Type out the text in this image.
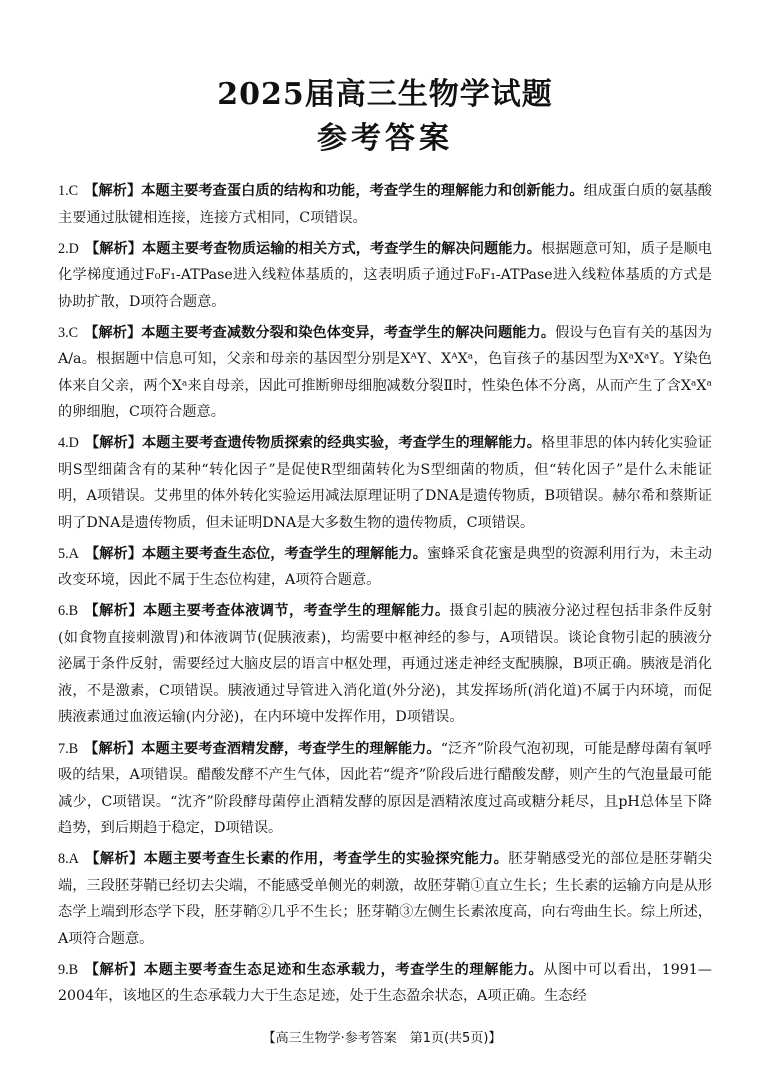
2025届高三生物学试题
参考答案

1.C 【解析】本题主要考查蛋白质的结构和功能，考查学生的理解能力和创新能力。组成蛋白质的氨基酸主要通过肽键相连接，连接方式相同，C项错误。

2.D 【解析】本题主要考查物质运输的相关方式，考查学生的解决问题能力。根据题意可知，质子是顺电化学梯度通过F₀F₁-ATPase进入线粒体基质的，这表明质子通过F₀F₁-ATPase进入线粒体基质的方式是协助扩散，D项符合题意。

3.C 【解析】本题主要考查减数分裂和染色体变异，考查学生的解决问题能力。假设与色盲有关的基因为A/a。根据题中信息可知，父亲和母亲的基因型分别是XᴬY、XᴬXᵃ，色盲孩子的基因型为XᵃXᵃY。Y染色体来自父亲，两个Xᵃ来自母亲，因此可推断卵母细胞减数分裂Ⅱ时，性染色体不分离，从而产生了含XᵃXᵃ的卵细胞，C项符合题意。

4.D 【解析】本题主要考查遗传物质探索的经典实验，考查学生的理解能力。格里菲思的体内转化实验证明S型细菌含有的某种“转化因子”是促使R型细菌转化为S型细菌的物质，但“转化因子”是什么未能证明，A项错误。艾弗里的体外转化实验运用减法原理证明了DNA是遗传物质，B项错误。赫尔希和蔡斯证明了DNA是遗传物质，但未证明DNA是大多数生物的遗传物质，C项错误。

5.A 【解析】本题主要考查生态位，考查学生的理解能力。蜜蜂采食花蜜是典型的资源利用行为，未主动改变环境，因此不属于生态位构建，A项符合题意。

6.B 【解析】本题主要考查体液调节，考查学生的理解能力。摄食引起的胰液分泌过程包括非条件反射(如食物直接刺激胃)和体液调节(促胰液素)，均需要中枢神经的参与，A项错误。谈论食物引起的胰液分泌属于条件反射，需要经过大脑皮层的语言中枢处理，再通过迷走神经支配胰腺，B项正确。胰液是消化液，不是激素，C项错误。胰液通过导管进入消化道(外分泌)，其发挥场所(消化道)不属于内环境，而促胰液素通过血液运输(内分泌)，在内环境中发挥作用，D项错误。

7.B 【解析】本题主要考查酒精发酵，考查学生的理解能力。“泛齐”阶段气泡初现，可能是酵母菌有氧呼吸的结果，A项错误。醋酸发酵不产生气体，因此若“缇齐”阶段后进行醋酸发酵，则产生的气泡量最可能减少，C项错误。“沈齐”阶段酵母菌停止酒精发酵的原因是酒精浓度过高或糖分耗尽，且pH总体呈下降趋势，到后期趋于稳定，D项错误。

8.A 【解析】本题主要考查生长素的作用，考查学生的实验探究能力。胚芽鞘感受光的部位是胚芽鞘尖端，三段胚芽鞘已经切去尖端，不能感受单侧光的刺激，故胚芽鞘①直立生长；生长素的运输方向是从形态学上端到形态学下段，胚芽鞘②几乎不生长；胚芽鞘③左侧生长素浓度高，向右弯曲生长。综上所述，A项符合题意。

9.B 【解析】本题主要考查生态足迹和生态承载力，考查学生的理解能力。从图中可以看出，1991—2004年，该地区的生态承载力大于生态足迹，处于生态盈余状态，A项正确。生态经

【高三生物学·参考答案　第1页(共5页)】
